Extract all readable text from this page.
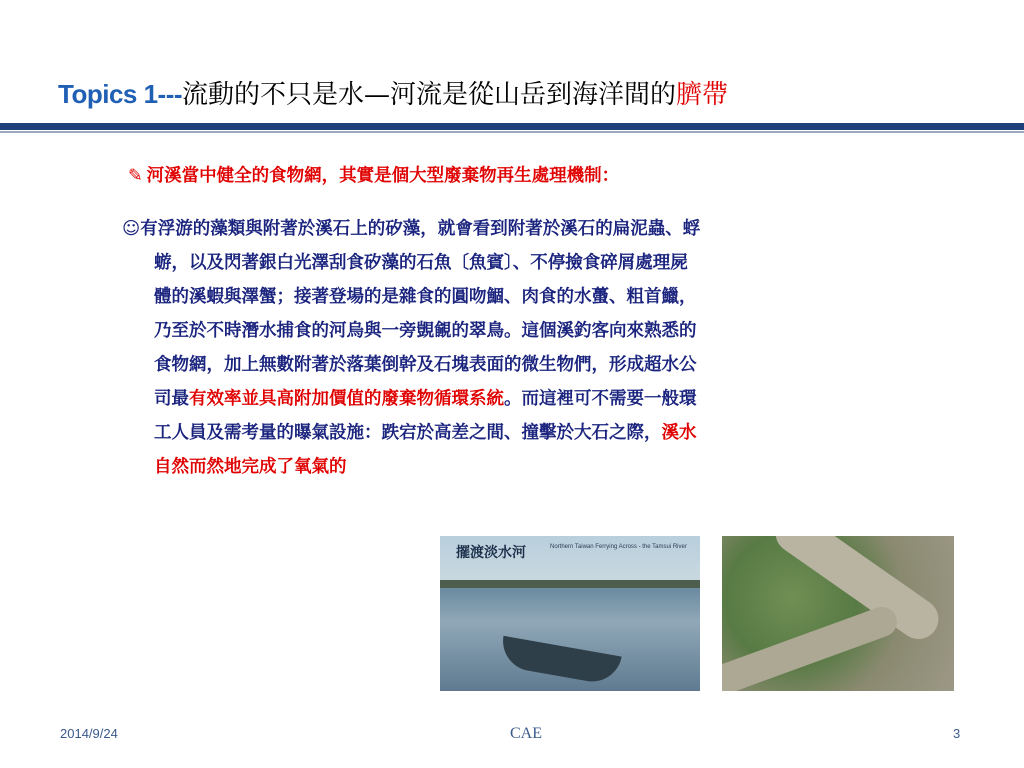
Topics 1---流動的不只是水—河流是從山岳到海洋間的臍帶
✎ 河溪當中健全的食物網，其實是個大型廢棄物再生處理機制：
☺有浮游的藻類與附著於溪石上的矽藻，就會看到附著於溪石的扁泥蟲、蜉
蝣，以及閃著銀白光澤刮食矽藻的石魚〔魚賓〕、不停撿食碎屑處理屍
體的溪蝦與澤蟹；接著登場的是雜食的圓吻鯝、肉食的水蠆、粗首鱲，
乃至於不時潛水捕食的河烏與一旁覬覦的翠鳥。這個溪釣客向來熟悉的
食物網，加上無數附著於落葉倒幹及石塊表面的微生物們，形成超水公
司最有效率並具高附加價值的廢棄物循環系統。而這裡可不需要一般環
工人員及需考量的曝氣設施：跌宕於高差之間、撞擊於大石之際，溪水
自然而然地完成了氧氣的
擺渡淡水河	Northern Taiwan Ferrying Across - the Tamsui River
2014/9/24	CAE	3
